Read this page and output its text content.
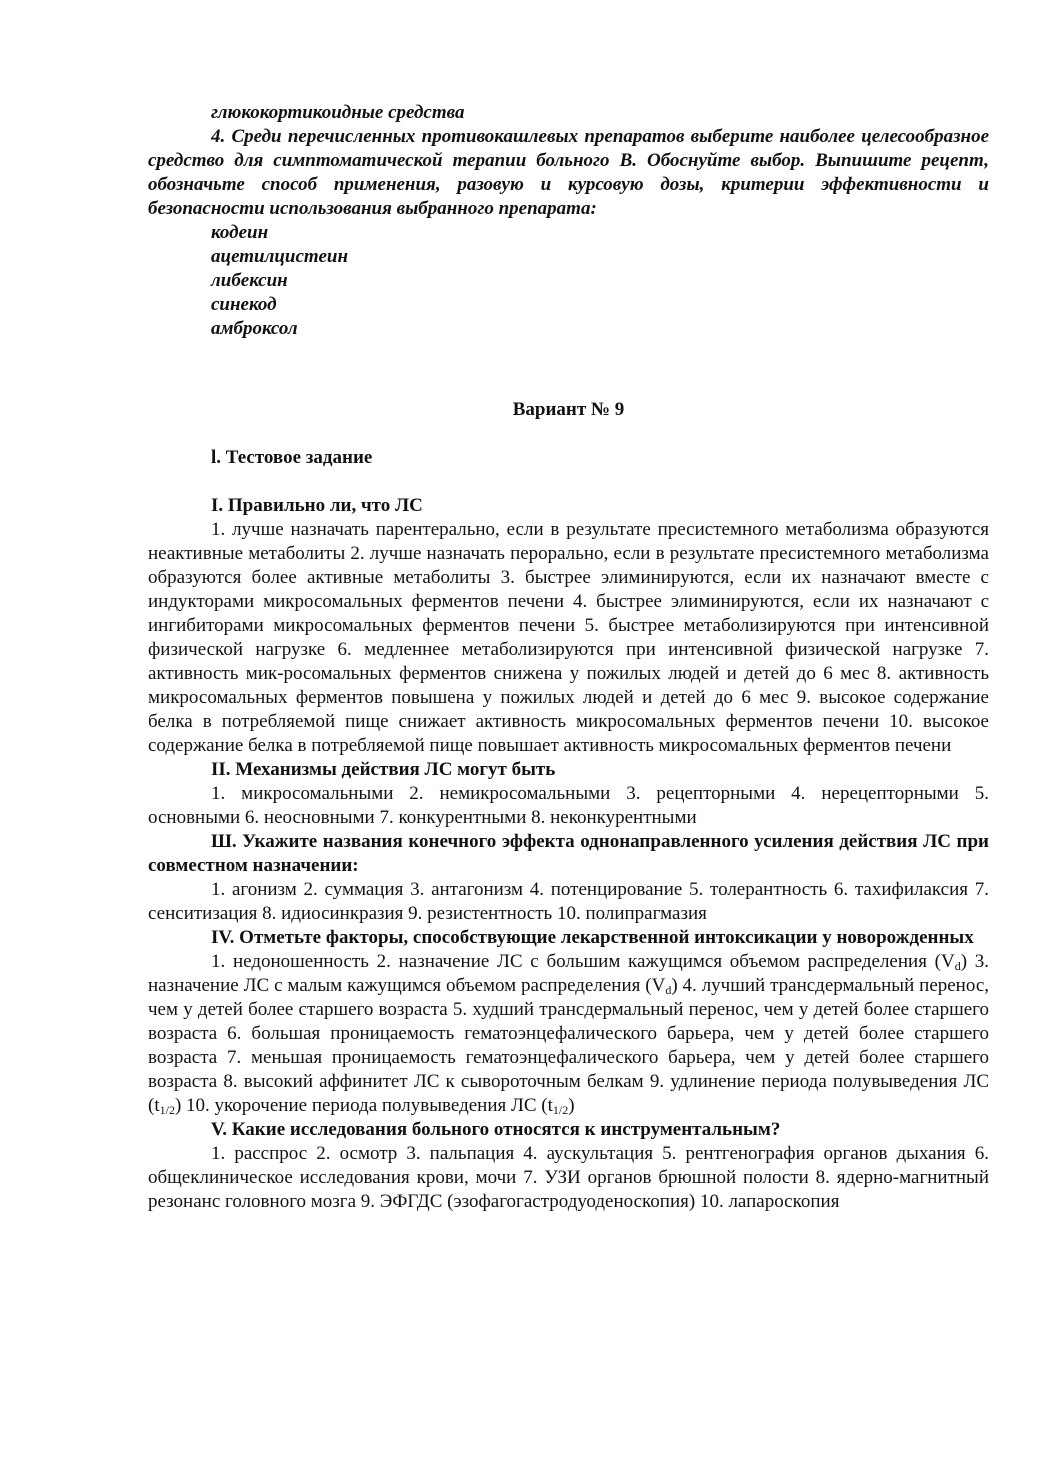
глюкокортикоидные средства

4. Среди перечисленных противокашлевых препаратов выберите наиболее целесообразное средство для симптоматической терапии больного В. Обоснуйте выбор. Выпишите рецепт, обозначьте способ применения, разовую и курсовую дозы, критерии эффективности и безопасности использования выбранного препарата:

кодеин

ацетилцистеин

либексин

синекод

амброксол

Вариант № 9

l. Тестовое задание

I. Правильно ли, что ЛС

1. лучше назначать парентерально, если в результате пресистемного метаболизма образуются неактивные метаболиты 2. лучше назначать перорально, если в результате пресистемного метаболизма образуются более активные метаболиты 3. быстрее элиминируются, если их назначают вместе с индукторами микросомальных ферментов печени 4. быстрее элиминируются, если их назначают с ингибиторами микросомальных ферментов печени 5. быстрее метаболизируются при интенсивной физической нагрузке 6. медленнее метаболизируются при интенсивной физической нагрузке 7. активность мик-росомальных ферментов снижена у пожилых людей и детей до 6 мес 8. активность микросомальных ферментов повышена у пожилых людей и детей до 6 мес 9. высокое содержание белка в потребляемой пище снижает активность микросомальных ферментов печени 10. высокое содержание белка в потребляемой пище повышает активность микросомальных ферментов печени

II. Механизмы действия ЛС могут быть

1. микросомальными 2. немикросомальными 3. рецепторными 4. нерецепторными 5. основными 6. неосновными 7. конкурентными 8. неконкурентными

Ш. Укажите названия конечного эффекта однонаправленного усиления действия ЛС при совместном назначении:

1. агонизм 2. суммация 3. антагонизм 4. потенцирование 5. толерантность 6. тахифилаксия 7. сенситизация 8. идиосинкразия 9. резистентность 10. полипрагмазия

IV. Отметьте факторы, способствующие лекарственной интоксикации у новорожденных

1. недоношенность 2. назначение ЛС с большим кажущимся объемом распределения $(V_d)$ 3. назначение ЛС с малым кажущимся объемом распределения $(V_d)$ 4. лучший трансдермальный перенос, чем у детей более старшего возраста 5. худший трансдермальный перенос, чем у детей более старшего возраста 6. большая проницаемость гематоэнцефалического барьера, чем у детей более старшего возраста 7. меньшая проницаемость гематоэнцефалического барьера, чем у детей более старшего возраста 8. высокий аффинитет ЛС к сывороточным белкам 9. удлинение периода полувыведения ЛС $(t_{1/2})$ 10. укорочение периода полувыведения ЛС $(t_{1/2})$

V. Какие исследования больного относятся к инструментальным?

1. расспрос 2. осмотр 3. пальпация 4. аускультация 5. рентгенография органов дыхания 6. общеклиническое исследования крови, мочи 7. УЗИ органов брюшной полости 8. ядерно-магнитный резонанс головного мозга 9. ЭФГДС (эзофагогастродуоденоскопия) 10. лапароскопия
